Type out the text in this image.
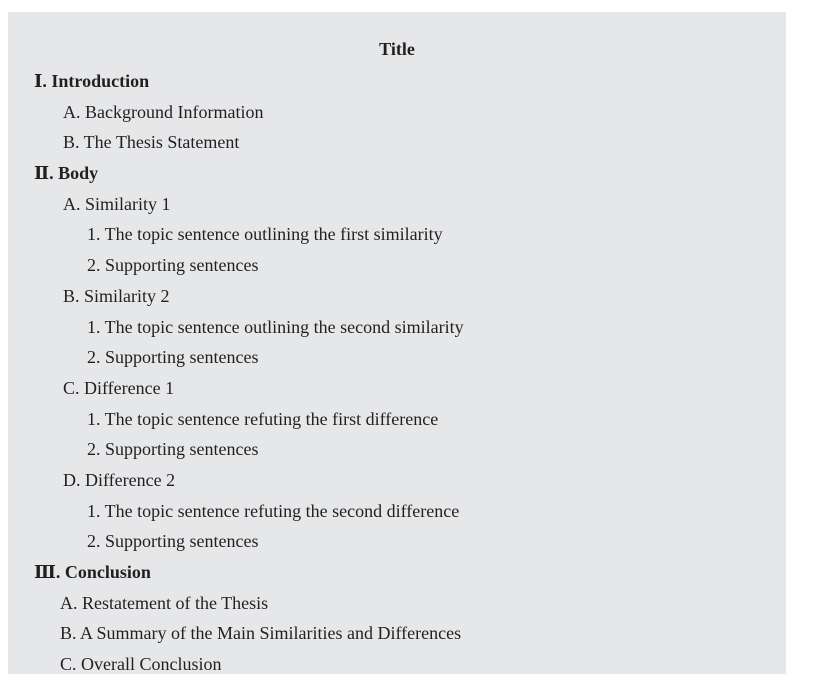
Title
Ⅰ. Introduction
A. Background Information
B. The Thesis Statement
Ⅱ. Body
A. Similarity 1
1. The topic sentence outlining the first similarity
2. Supporting sentences
B. Similarity 2
1. The topic sentence outlining the second similarity
2. Supporting sentences
C. Difference 1
1. The topic sentence refuting the first difference
2. Supporting sentences
D. Difference 2
1. The topic sentence refuting the second difference
2. Supporting sentences
Ⅲ. Conclusion
A. Restatement of the Thesis
B. A Summary of the Main Similarities and Differences
C. Overall Conclusion
